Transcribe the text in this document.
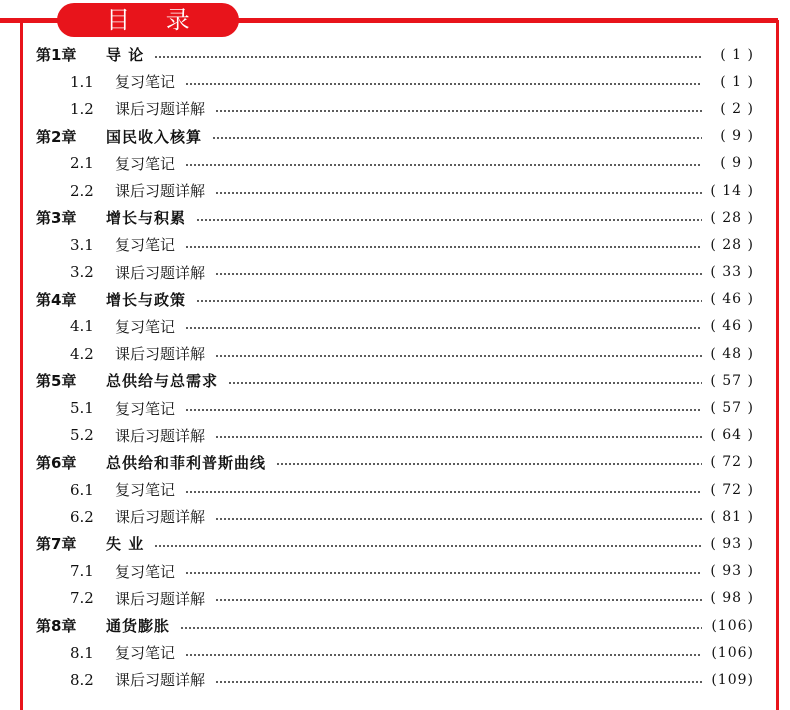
目 录
第1章	导 论	( 1 )
1.1	复习笔记	( 1 )
1.2	课后习题详解	( 2 )
第2章	国民收入核算	( 9 )
2.1	复习笔记	( 9 )
2.2	课后习题详解	( 14 )
第3章	增长与积累	( 28 )
3.1	复习笔记	( 28 )
3.2	课后习题详解	( 33 )
第4章	增长与政策	( 46 )
4.1	复习笔记	( 46 )
4.2	课后习题详解	( 48 )
第5章	总供给与总需求	( 57 )
5.1	复习笔记	( 57 )
5.2	课后习题详解	( 64 )
第6章	总供给和菲利普斯曲线	( 72 )
6.1	复习笔记	( 72 )
6.2	课后习题详解	( 81 )
第7章	失 业	( 93 )
7.1	复习笔记	( 93 )
7.2	课后习题详解	( 98 )
第8章	通货膨胀	(106)
8.1	复习笔记	(106)
8.2	课后习题详解	(109)
